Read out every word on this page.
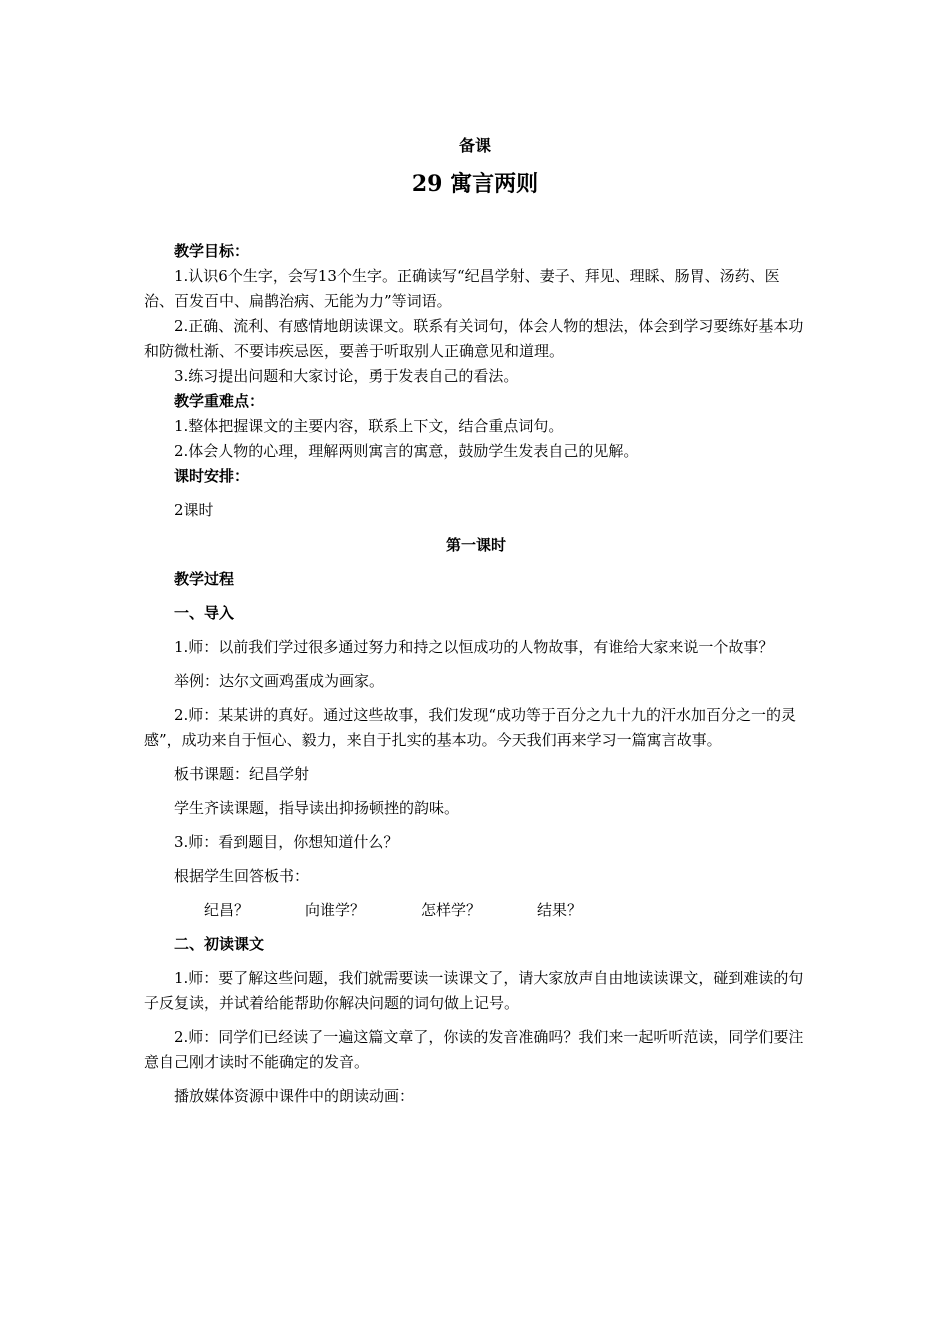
备课
29 寓言两则

教学目标：

1.认识6个生字，会写13个生字。正确读写“纪昌学射、妻子、拜见、理睬、肠胃、汤药、医治、百发百中、扁鹊治病、无能为力”等词语。

2.正确、流利、有感情地朗读课文。联系有关词句，体会人物的想法，体会到学习要练好基本功和防微杜渐、不要讳疾忌医，要善于听取别人正确意见和道理。

3.练习提出问题和大家讨论，勇于发表自己的看法。

教学重难点：

1.整体把握课文的主要内容，联系上下文，结合重点词句。

2.体会人物的心理，理解两则寓言的寓意，鼓励学生发表自己的见解。

课时安排：

2课时

第一课时

教学过程

一、导入

1.师：以前我们学过很多通过努力和持之以恒成功的人物故事，有谁给大家来说一个故事？

举例：达尔文画鸡蛋成为画家。

2.师：某某讲的真好。通过这些故事，我们发现“成功等于百分之九十九的汗水加百分之一的灵感”，成功来自于恒心、毅力，来自于扎实的基本功。今天我们再来学习一篇寓言故事。

板书课题：纪昌学射

学生齐读课题，指导读出抑扬顿挫的韵味。

3.师：看到题目，你想知道什么？

根据学生回答板书：

纪昌？	向谁学？	怎样学？	结果？

二、初读课文

1.师：要了解这些问题，我们就需要读一读课文了，请大家放声自由地读读课文，碰到难读的句子反复读，并试着给能帮助你解决问题的词句做上记号。

2.师：同学们已经读了一遍这篇文章了，你读的发音准确吗？我们来一起听听范读，同学们要注意自己刚才读时不能确定的发音。

播放媒体资源中课件中的朗读动画：
